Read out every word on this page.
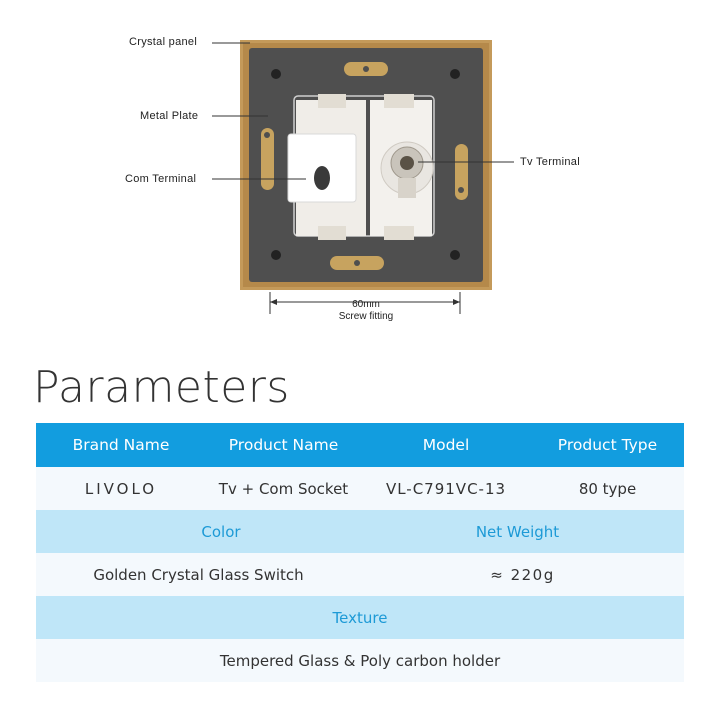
Crystal panel
Metal Plate
Com Terminal
Tv Terminal
60mm
Screw fitting
Parameters
Brand Name	Product Name	Model	Product Type
LIVOLO	Tv + Com Socket	VL-C791VC-13	80 type
Color		Net Weight	
Golden Crystal Glass Switch		≈ 220g	
Texture			
Tempered Glass & Poly carbon holder			
